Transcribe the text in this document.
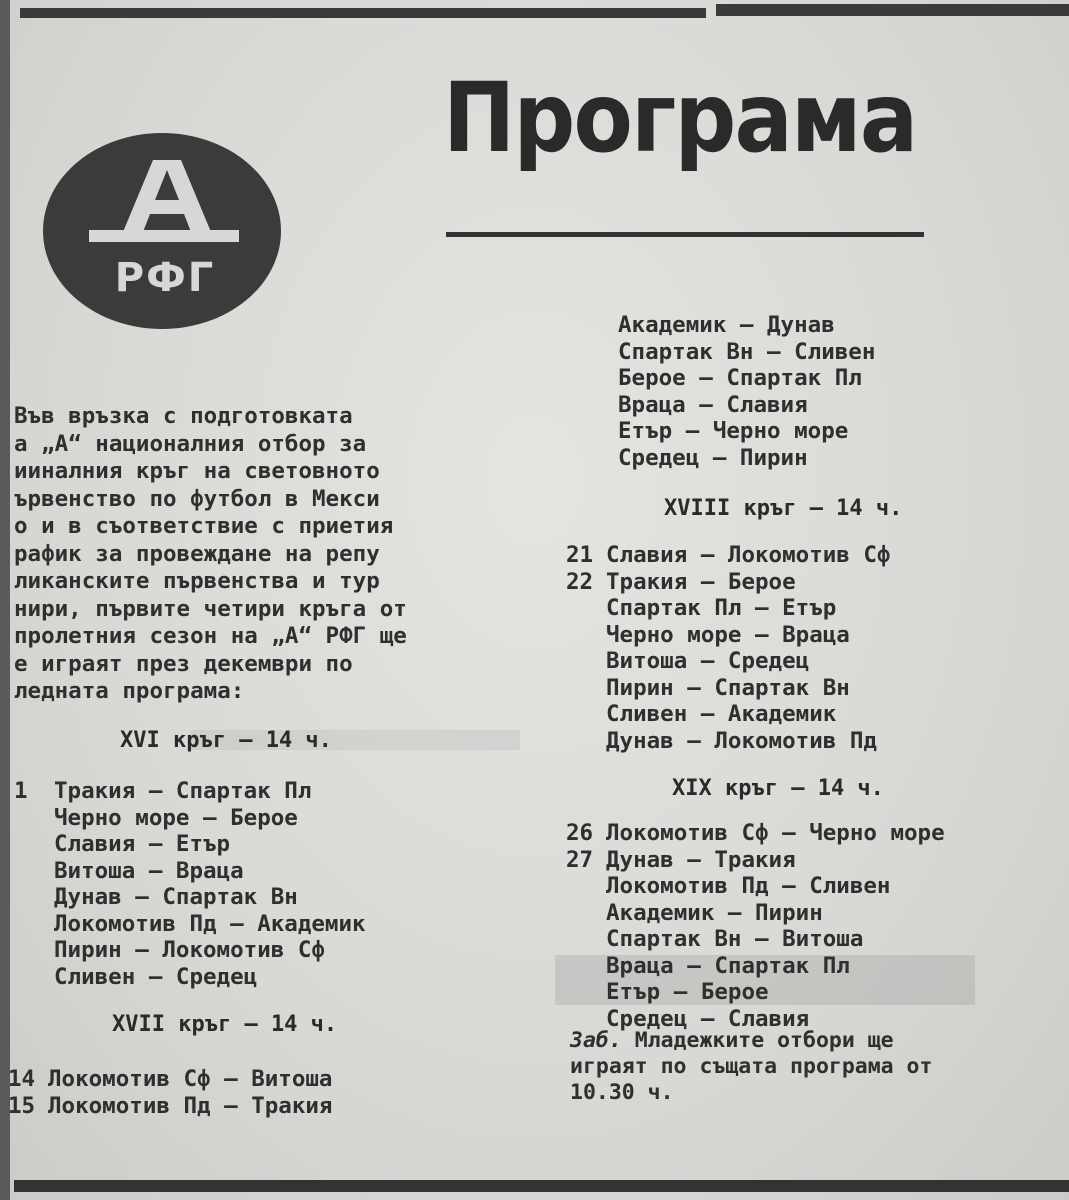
РФГ
Програма
Във връзка с подготовката
а „А“ националния отбор за
ииналния кръг на световното
ървенство по футбол в Мекси
о и в съответствие с приетия
рафик за провеждане на репу
ликанските първенства и тур
нири, първите четири кръга от
пролетния сезон на „А“ РФГ ще
е играят през декември по
ледната програма:
XVI кръг — 14 ч.
1	Тракия — Спартак Пл
Черно море — Берое
Славия — Етър
Витоша — Враца
Дунав — Спартак Вн
Локомотив Пд — Академик
Пирин — Локомотив Сф
Сливен — Средец
XVII кръг — 14 ч.
14 Локомотив Сф — Витоша
15 Локомотив Пд — Тракия
Академик — Дунав
Спартак Вн — Сливен
Берое — Спартак Пл
Враца — Славия
Етър — Черно море
Средец — Пирин
XVIII кръг — 14 ч.
21 Славия — Локомотив Сф
22 Тракия — Берое
Спартак Пл — Етър
Черно море — Враца
Витоша — Средец
Пирин — Спартак Вн
Сливен — Академик
Дунав — Локомотив Пд
XIX кръг — 14 ч.
26 Локомотив Сф — Черно море
27 Дунав — Тракия
Локомотив Пд — Сливен
Академик — Пирин
Спартак Вн — Витоша
Враца — Спартак Пл
Етър — Берое
Средец — Славия
Заб. Младежките отбори ще
играят по същата програма от
10.30 ч.
